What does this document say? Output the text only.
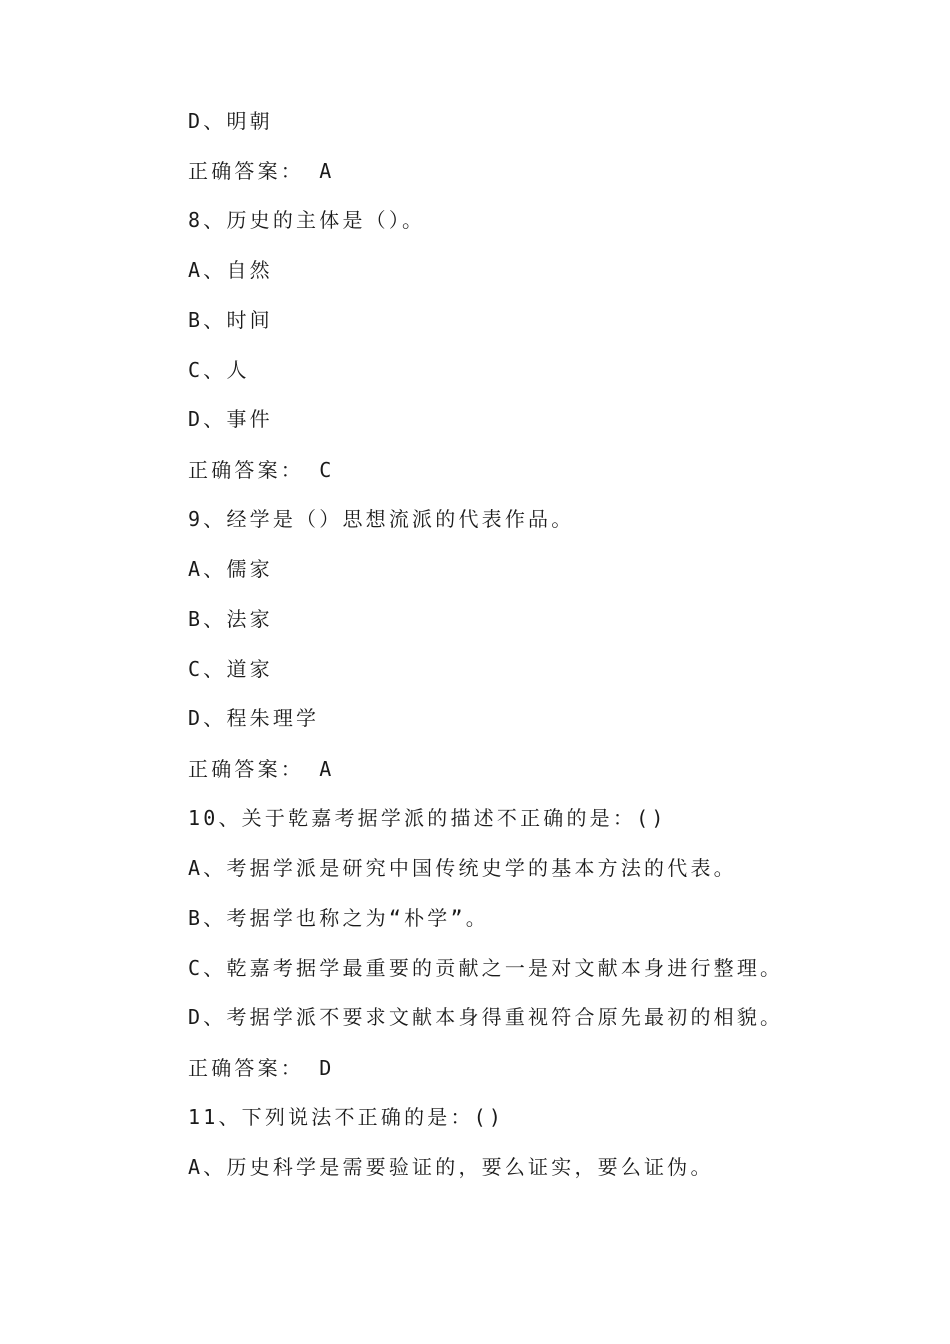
D、明朝
正确答案： A
8、历史的主体是（）。
A、自然
B、时间
C、人
D、事件
正确答案： C
9、经学是（）思想流派的代表作品。
A、儒家
B、法家
C、道家
D、程朱理学
正确答案： A
10、关于乾嘉考据学派的描述不正确的是：()
A、考据学派是研究中国传统史学的基本方法的代表。
B、考据学也称之为“朴学”。
C、乾嘉考据学最重要的贡献之一是对文献本身进行整理。
D、考据学派不要求文献本身得重视符合原先最初的相貌。
正确答案： D
11、下列说法不正确的是：()
A、历史科学是需要验证的，要么证实，要么证伪。
